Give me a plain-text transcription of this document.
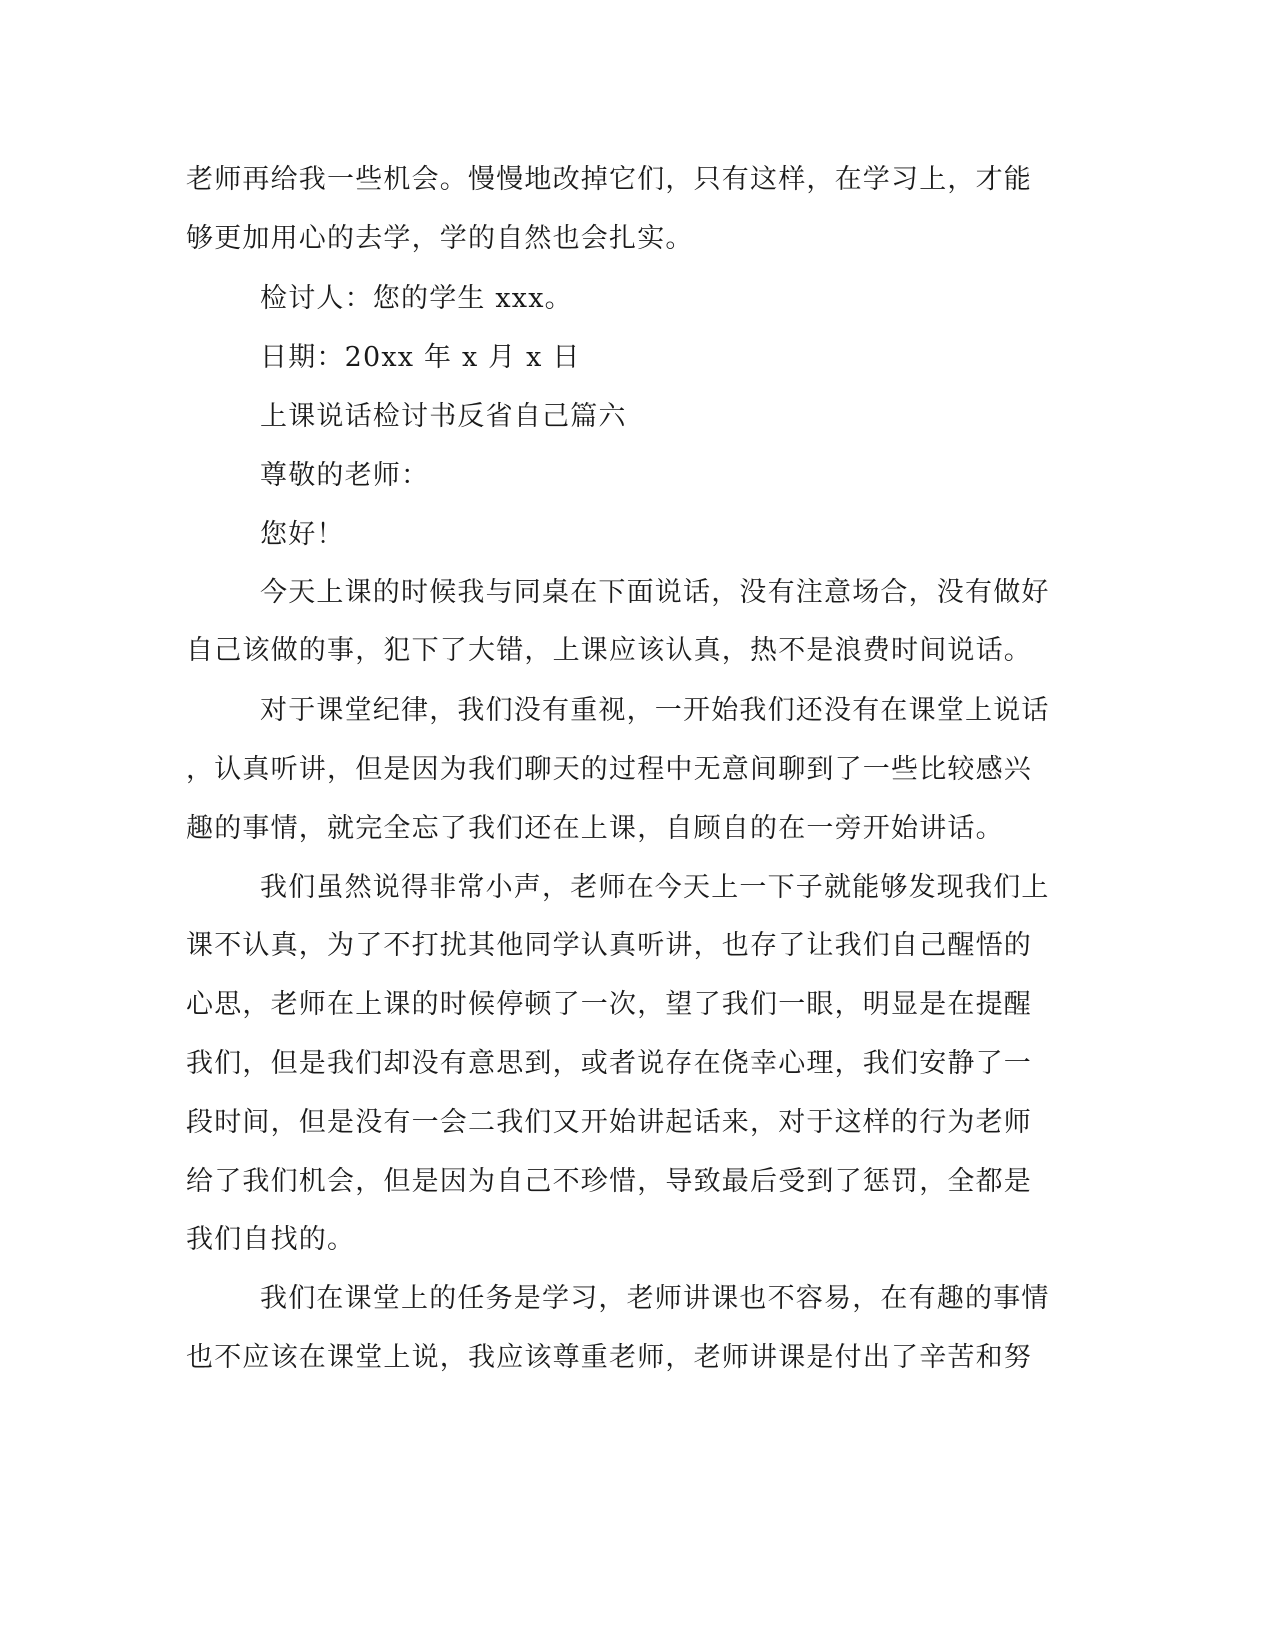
老师再给我一些机会。慢慢地改掉它们，只有这样，在学习上，才能
够更加用心的去学，学的自然也会扎实。
检讨人：您的学生 xxx。
日期：20xx 年 x 月 x 日
上课说话检讨书反省自己篇六
尊敬的老师：
您好！
今天上课的时候我与同桌在下面说话，没有注意场合，没有做好
自己该做的事，犯下了大错，上课应该认真，热不是浪费时间说话。
对于课堂纪律，我们没有重视，一开始我们还没有在课堂上说话
，认真听讲，但是因为我们聊天的过程中无意间聊到了一些比较感兴
趣的事情，就完全忘了我们还在上课，自顾自的在一旁开始讲话。
我们虽然说得非常小声，老师在今天上一下子就能够发现我们上
课不认真，为了不打扰其他同学认真听讲，也存了让我们自己醒悟的
心思，老师在上课的时候停顿了一次，望了我们一眼，明显是在提醒
我们，但是我们却没有意思到，或者说存在侥幸心理，我们安静了一
段时间，但是没有一会二我们又开始讲起话来，对于这样的行为老师
给了我们机会，但是因为自己不珍惜，导致最后受到了惩罚，全都是
我们自找的。
我们在课堂上的任务是学习，老师讲课也不容易，在有趣的事情
也不应该在课堂上说，我应该尊重老师，老师讲课是付出了辛苦和努
